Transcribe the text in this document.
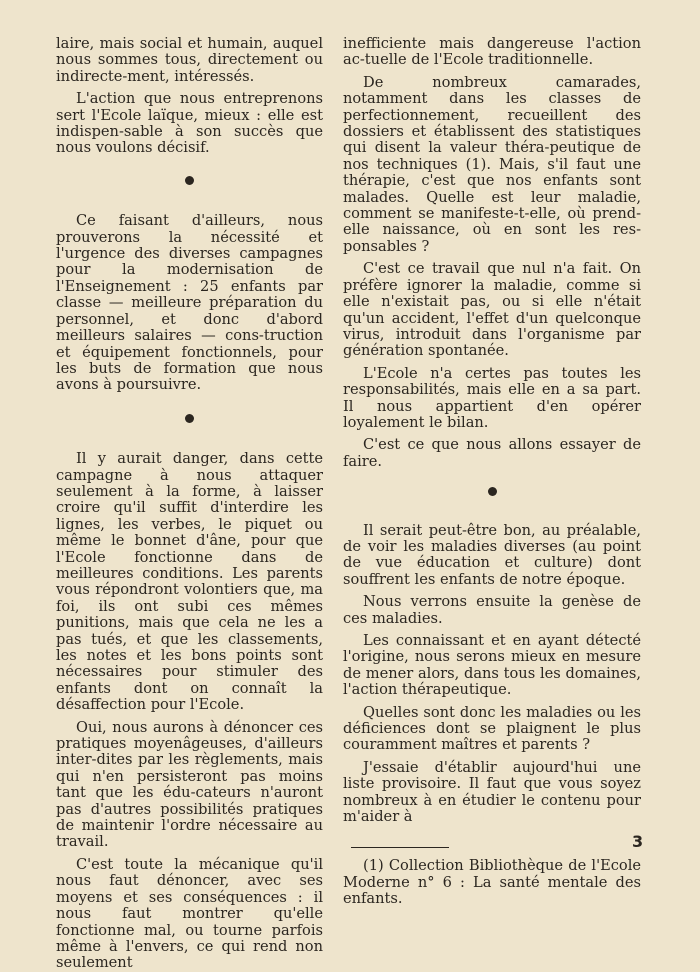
laire, mais social et humain, auquel nous sommes tous, directement ou indirecte-ment, intéressés.

L'action que nous entreprenons sert l'Ecole laïque, mieux : elle est indispen-sable à son succès que nous voulons décisif.

Ce faisant d'ailleurs, nous prouverons la nécessité et l'urgence des diverses campagnes pour la modernisation de l'Enseignement : 25 enfants par classe — meilleure préparation du personnel, et donc d'abord meilleurs salaires — cons-truction et équipement fonctionnels, pour les buts de formation que nous avons à poursuivre.

Il y aurait danger, dans cette campagne à nous attaquer seulement à la forme, à laisser croire qu'il suffit d'interdire les lignes, les verbes, le piquet ou même le bonnet d'âne, pour que l'Ecole fonctionne dans de meilleures conditions. Les parents vous répondront volontiers que, ma foi, ils ont subi ces mêmes punitions, mais que cela ne les a pas tués, et que les classements, les notes et les bons points sont nécessaires pour stimuler des enfants dont on connaît la désaffection pour l'Ecole.

Oui, nous aurons à dénoncer ces pratiques moyenâgeuses, d'ailleurs inter-dites par les règlements, mais qui n'en persisteront pas moins tant que les édu-cateurs n'auront pas d'autres possibilités pratiques de maintenir l'ordre nécessaire au travail.

C'est toute la mécanique qu'il nous faut dénoncer, avec ses moyens et ses conséquences : il nous faut montrer qu'elle fonctionne mal, ou tourne parfois même à l'envers, ce qui rend non seulement

inefficiente mais dangereuse l'action ac-tuelle de l'Ecole traditionnelle.

De nombreux camarades, notamment dans les classes de perfectionnement, recueillent des dossiers et établissent des statistiques qui disent la valeur théra-peutique de nos techniques (1). Mais, s'il faut une thérapie, c'est que nos enfants sont malades. Quelle est leur maladie, comment se manifeste-t-elle, où prend-elle naissance, où en sont les res-ponsables ?

C'est ce travail que nul n'a fait. On préfère ignorer la maladie, comme si elle n'existait pas, ou si elle n'était qu'un accident, l'effet d'un quelconque virus, introduit dans l'organisme par génération spontanée.

L'Ecole n'a certes pas toutes les responsabilités, mais elle en a sa part. Il nous appartient d'en opérer loyalement le bilan.

C'est ce que nous allons essayer de faire.

Il serait peut-être bon, au préalable, de voir les maladies diverses (au point de vue éducation et culture) dont souffrent les enfants de notre époque.

Nous verrons ensuite la genèse de ces maladies.

Les connaissant et en ayant détecté l'origine, nous serons mieux en mesure de mener alors, dans tous les domaines, l'action thérapeutique.

Quelles sont donc les maladies ou les déficiences dont se plaignent le plus couramment maîtres et parents ?

J'essaie d'établir aujourd'hui une liste provisoire. Il faut que vous soyez nombreux à en étudier le contenu pour m'aider à

(1) Collection Bibliothèque de l'Ecole Moderne n° 6 : La santé mentale des enfants.

3
